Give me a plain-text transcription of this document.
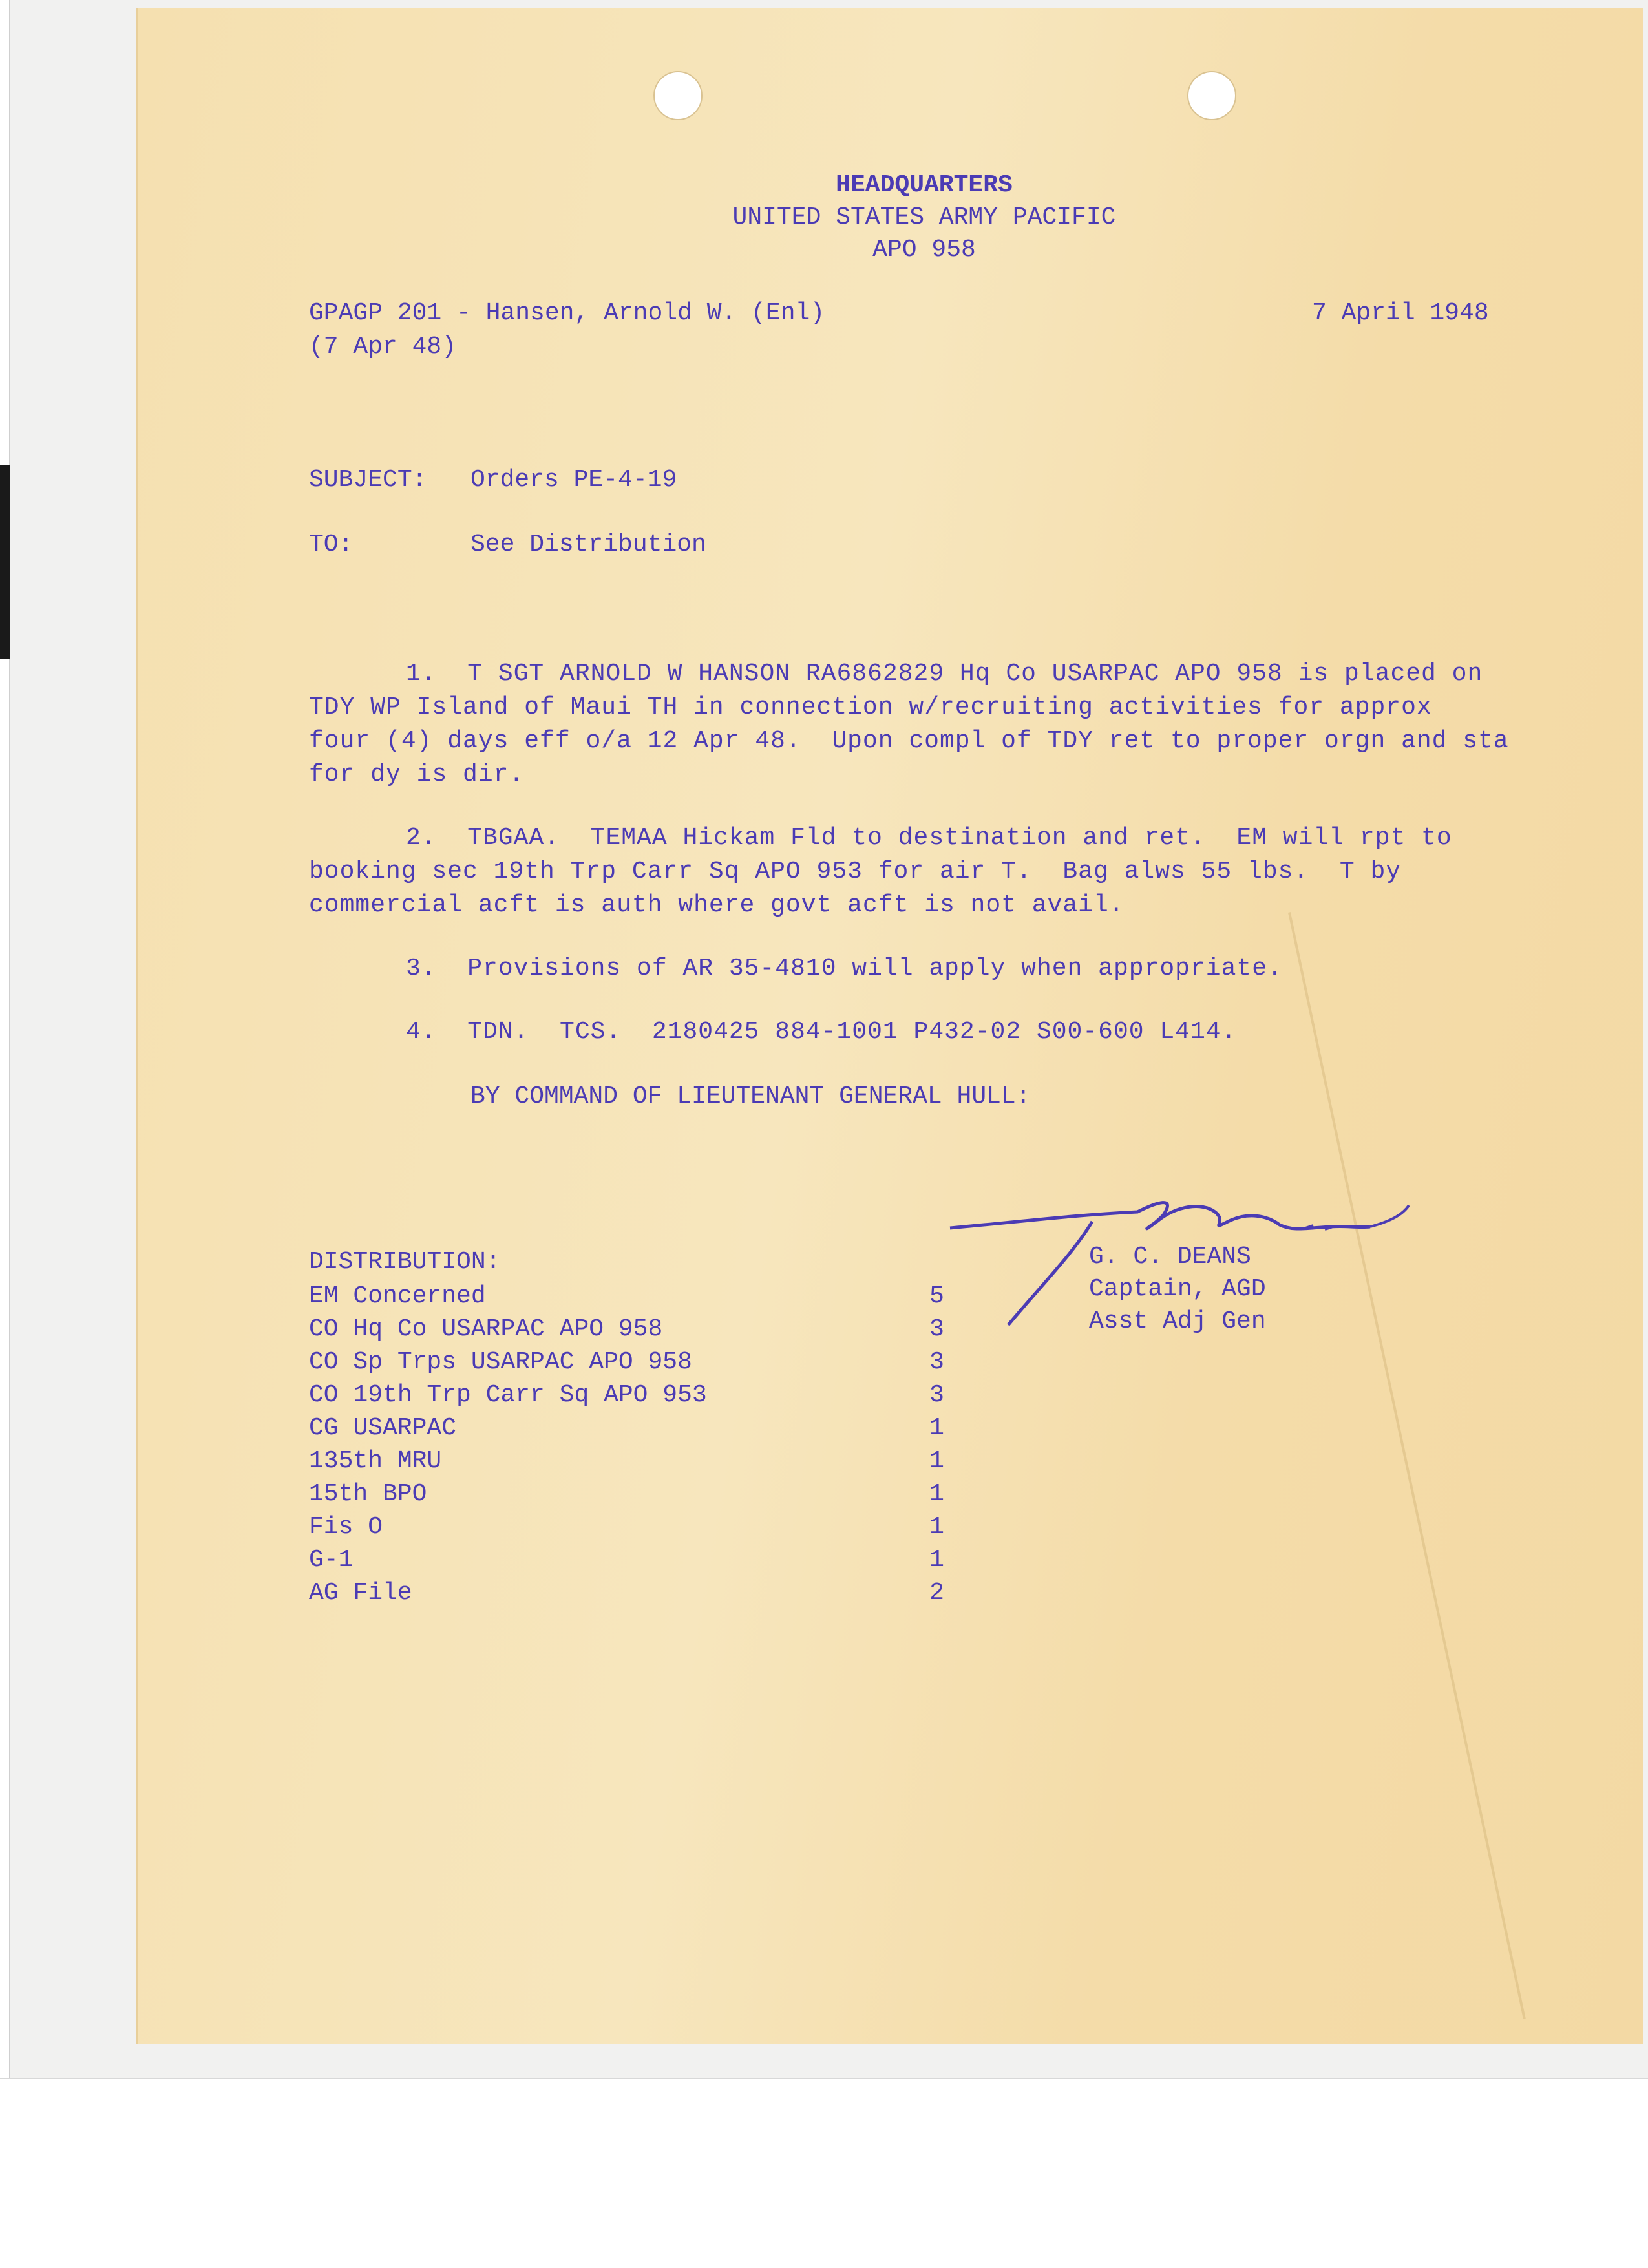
HEADQUARTERS
UNITED STATES ARMY PACIFIC
APO 958
GPAGP 201 - Hansen, Arnold W. (Enl)
(7 Apr 48)
7 April 1948
SUBJECT: Orders PE-4-19
TO:	See Distribution
1.  T SGT ARNOLD W HANSON RA6862829 Hq Co USARPAC APO 958 is placed on
TDY WP Island of Maui TH in connection w/recruiting activities for approx
four (4) days eff o/a 12 Apr 48.  Upon compl of TDY ret to proper orgn and sta
for dy is dir.
2.  TBGAA.  TEMAA Hickam Fld to destination and ret.  EM will rpt to
booking sec 19th Trp Carr Sq APO 953 for air T.  Bag alws 55 lbs.  T by
commercial acft is auth where govt acft is not avail.
3.  Provisions of AR 35-4810 will apply when appropriate.
4.  TDN.  TCS.  2180425 884-1001 P432-02 S00-600 L414.
BY COMMAND OF LIEUTENANT GENERAL HULL:
G. C. DEANS
Captain, AGD
Asst Adj Gen
DISTRIBUTION:
EM Concerned	5
CO Hq Co USARPAC APO 958	3
CO Sp Trps USARPAC APO 958	3
CO 19th Trp Carr Sq APO 953	3
CG USARPAC	1
135th MRU	1
15th BPO	1
Fis O	1
G-1	1
AG File	2
